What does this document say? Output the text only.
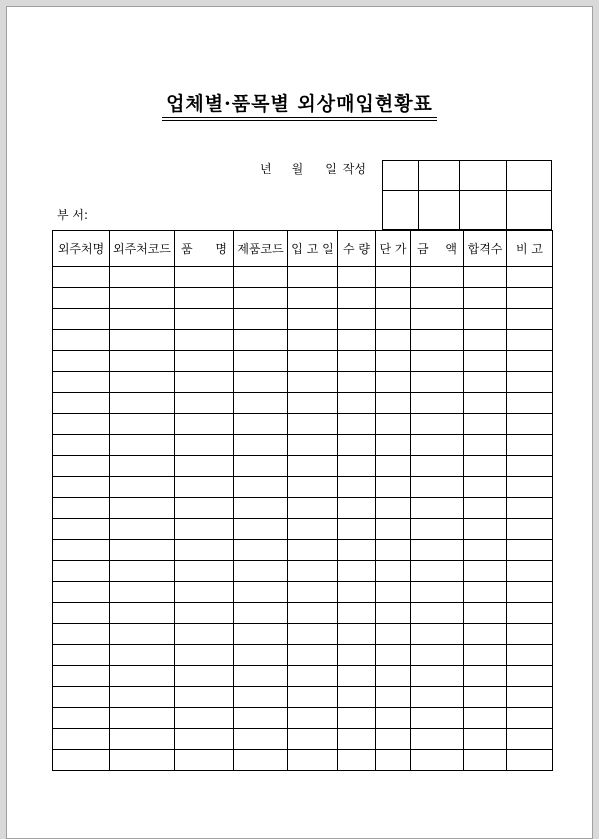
업체별·품목별 외상매입현황표
년 월 일 작성
부 서:

외주처명	외주처코드	품 명	제품코드	입 고 일	수 량	단 가	금 액	합격수	비 고
